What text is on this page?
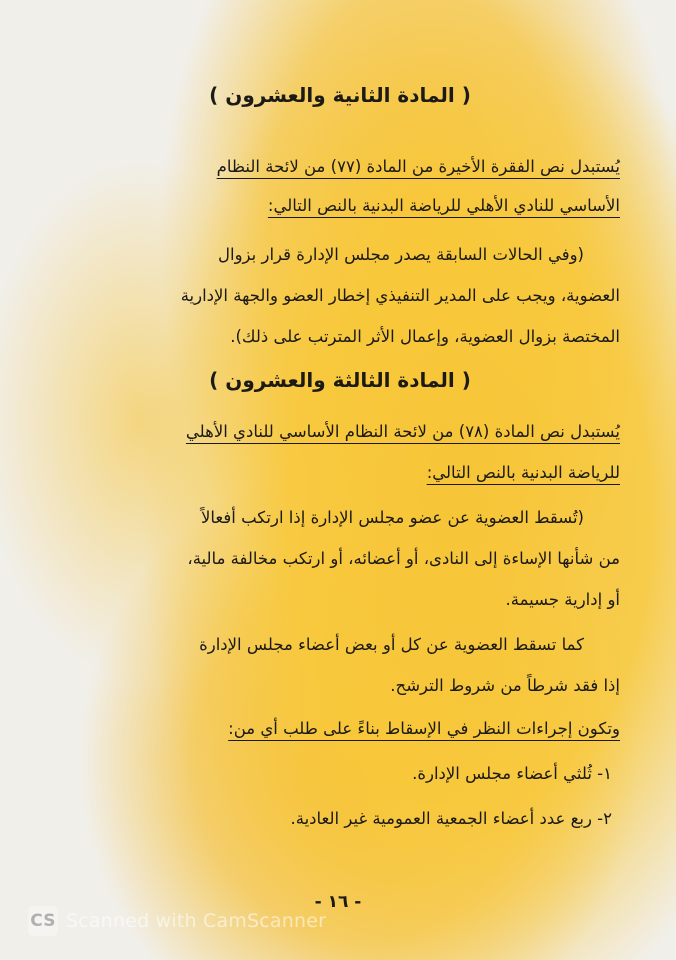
( المادة الثانية والعشرون )

يُستبدل نص الفقرة الأخيرة من المادة (٧٧) من لائحة النظام

الأساسي للنادي الأهلي للرياضة البدنية بالنص التالي:

(وفي الحالات السابقة يصدر مجلس الإدارة قرار بزوال

العضوية، ويجب على المدير التنفيذي إخطار العضو والجهة الإدارية

المختصة بزوال العضوية، وإعمال الأثر المترتب على ذلك).

( المادة الثالثة والعشرون )

يُستبدل نص المادة (٧٨) من لائحة النظام الأساسي للنادي الأهلي

للرياضة البدنية بالنص التالي:

(تُسقط العضوية عن عضو مجلس الإدارة إذا ارتكب أفعالاً

من شأنها الإساءة إلى النادى، أو أعضائه، أو ارتكب مخالفة مالية،

أو إدارية جسيمة.

كما تسقط العضوية عن كل أو بعض أعضاء مجلس الإدارة

إذا فقد شرطاً من شروط الترشح.

وتكون إجراءات النظر في الإسقاط بناءً على طلب أي من:

١- ثُلثي أعضاء مجلس الإدارة.

٢- ربع عدد أعضاء الجمعية العمومية غير العادية.

- ١٦ -
CS Scanned with CamScanner
